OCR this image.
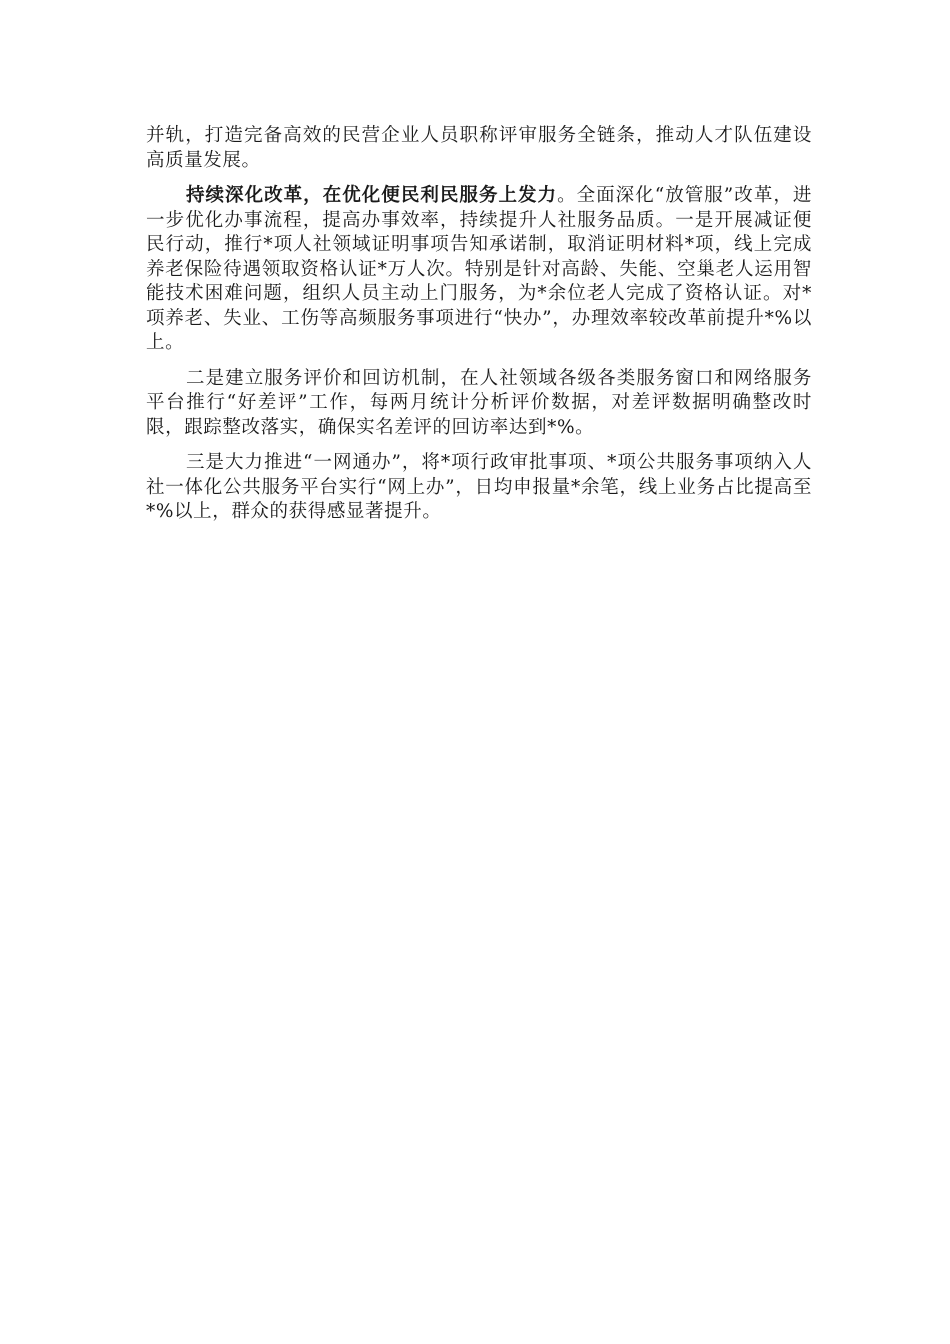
并轨，打造完备高效的民营企业人员职称评审服务全链条，推动人才队伍建设高质量发展。

持续深化改革，在优化便民利民服务上发力。全面深化“放管服”改革，进一步优化办事流程，提高办事效率，持续提升人社服务品质。一是开展减证便民行动，推行*项人社领域证明事项告知承诺制，取消证明材料*项，线上完成养老保险待遇领取资格认证*万人次。特别是针对高龄、失能、空巢老人运用智能技术困难问题，组织人员主动上门服务，为*余位老人完成了资格认证。对*项养老、失业、工伤等高频服务事项进行“快办”，办理效率较改革前提升*%以上。

二是建立服务评价和回访机制，在人社领域各级各类服务窗口和网络服务平台推行“好差评”工作，每两月统计分析评价数据，对差评数据明确整改时限，跟踪整改落实，确保实名差评的回访率达到*%。

三是大力推进“一网通办”，将*项行政审批事项、*项公共服务事项纳入人社一体化公共服务平台实行“网上办”，日均申报量*余笔，线上业务占比提高至*%以上，群众的获得感显著提升。
